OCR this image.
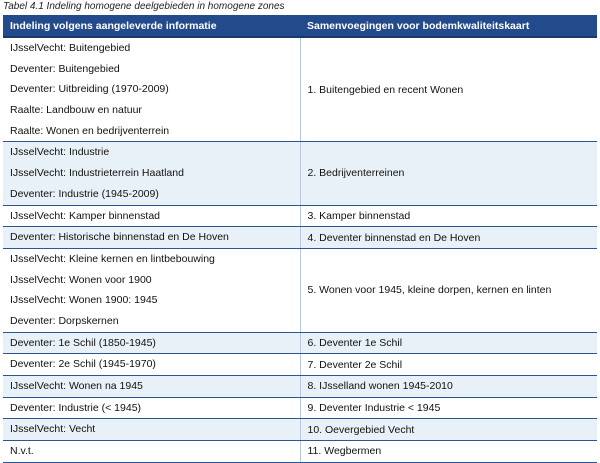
Tabel 4.1 Indeling homogene deelgebieden in homogene zones
Indeling volgens aangeleverde informatie	Samenvoegingen voor bodemkwaliteitskaart

IJsselVecht: Buitengebied
Deventer: Buitengebied
Deventer: Uitbreiding (1970-2009)
Raalte: Landbouw en natuur
Raalte: Wonen en bedrijventerrein	1. Buitengebied en recent Wonen

IJsselVecht: Industrie
IJsselVecht: Industrieterrein Haatland
Deventer: Industrie (1945-2009)	2. Bedrijventerreinen

IJsselVecht: Kamper binnenstad	3. Kamper binnenstad

Deventer: Historische binnenstad en De Hoven	4. Deventer binnenstad en De Hoven

IJsselVecht: Kleine kernen en lintbebouwing
IJsselVecht: Wonen voor 1900
IJsselVecht: Wonen 1900: 1945
Deventer: Dorpskernen	5. Wonen voor 1945, kleine dorpen, kernen en linten

Deventer: 1e Schil (1850-1945)	6. Deventer 1e Schil

Deventer: 2e Schil (1945-1970)	7. Deventer 2e Schil

IJsselVecht: Wonen na 1945	8. IJsselland wonen 1945-2010

Deventer: Industrie (< 1945)	9. Deventer Industrie < 1945

IJsselVecht: Vecht	10. Oevergebied Vecht

N.v.t.	11. Wegbermen
